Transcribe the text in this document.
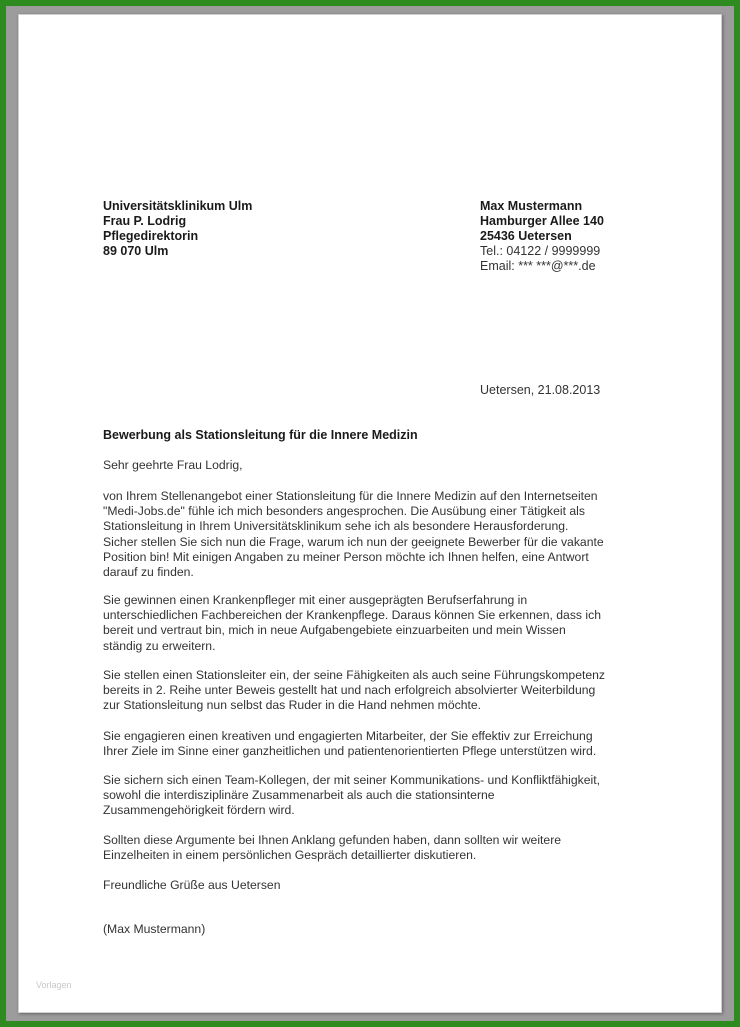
Universitätsklinikum Ulm
Frau P. Lodrig
Pflegedirektorin
89 070 Ulm
Max Mustermann
Hamburger Allee 140
25436 Uetersen
Tel.: 04122 / 9999999
Email: *** ***@***.de
Uetersen, 21.08.2013
Bewerbung als Stationsleitung für die Innere Medizin
Sehr geehrte Frau Lodrig,
von Ihrem Stellenangebot einer Stationsleitung für die Innere Medizin auf den Internetseiten
"Medi-Jobs.de" fühle ich mich besonders angesprochen. Die Ausübung einer Tätigkeit als
Stationsleitung in Ihrem Universitätsklinikum sehe ich als besondere Herausforderung.
Sicher stellen Sie sich nun die Frage, warum ich nun der geeignete Bewerber für die vakante
Position bin! Mit einigen Angaben zu meiner Person möchte ich Ihnen helfen, eine Antwort
darauf zu finden.
Sie gewinnen einen Krankenpfleger mit einer ausgeprägten Berufserfahrung in
unterschiedlichen Fachbereichen der Krankenpflege. Daraus können Sie erkennen, dass ich
bereit und vertraut bin, mich in neue Aufgabengebiete einzuarbeiten und mein Wissen
ständig zu erweitern.
Sie stellen einen Stationsleiter ein, der seine Fähigkeiten als auch seine Führungskompetenz
bereits in 2. Reihe unter Beweis gestellt hat und nach erfolgreich absolvierter Weiterbildung
zur Stationsleitung nun selbst das Ruder in die Hand nehmen möchte.
Sie engagieren einen kreativen und engagierten Mitarbeiter, der Sie effektiv zur Erreichung
Ihrer Ziele im Sinne einer ganzheitlichen und patientenorientierten Pflege unterstützen wird.
Sie sichern sich einen Team-Kollegen, der mit seiner Kommunikations- und Konfliktfähigkeit,
sowohl die interdisziplinäre Zusammenarbeit als auch die stationsinterne
Zusammengehörigkeit fördern wird.
Sollten diese Argumente bei Ihnen Anklang gefunden haben, dann sollten wir weitere
Einzelheiten in einem persönlichen Gespräch detaillierter diskutieren.
Freundliche Grüße aus Uetersen
(Max Mustermann)
Vorlagen
